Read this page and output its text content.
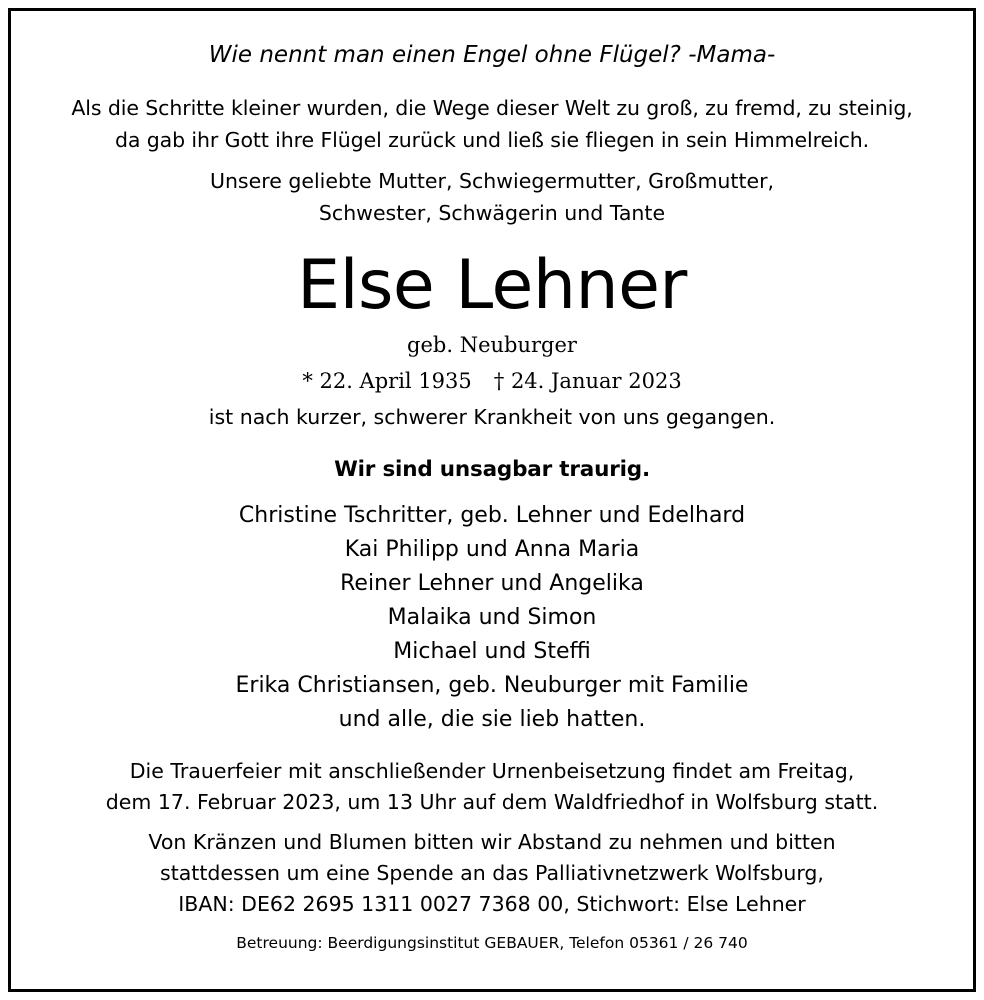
Wie nennt man einen Engel ohne Flügel? -Mama-
Als die Schritte kleiner wurden, die Wege dieser Welt zu groß, zu fremd, zu steinig,
da gab ihr Gott ihre Flügel zurück und ließ sie fliegen in sein Himmelreich.
Unsere geliebte Mutter, Schwiegermutter, Großmutter,
Schwester, Schwägerin und Tante
Else Lehner
geb. Neuburger
* 22. April 1935 † 24. Januar 2023
ist nach kurzer, schwerer Krankheit von uns gegangen.
Wir sind unsagbar traurig.
Christine Tschritter, geb. Lehner und Edelhard
Kai Philipp und Anna Maria
Reiner Lehner und Angelika
Malaika und Simon
Michael und Steffi
Erika Christiansen, geb. Neuburger mit Familie
und alle, die sie lieb hatten.
Die Trauerfeier mit anschließender Urnenbeisetzung findet am Freitag,
dem 17. Februar 2023, um 13 Uhr auf dem Waldfriedhof in Wolfsburg statt.
Von Kränzen und Blumen bitten wir Abstand zu nehmen und bitten
stattdessen um eine Spende an das Palliativnetzwerk Wolfsburg,
IBAN: DE62 2695 1311 0027 7368 00, Stichwort: Else Lehner
Betreuung: Beerdigungsinstitut GEBAUER, Telefon 05361 / 26 740
